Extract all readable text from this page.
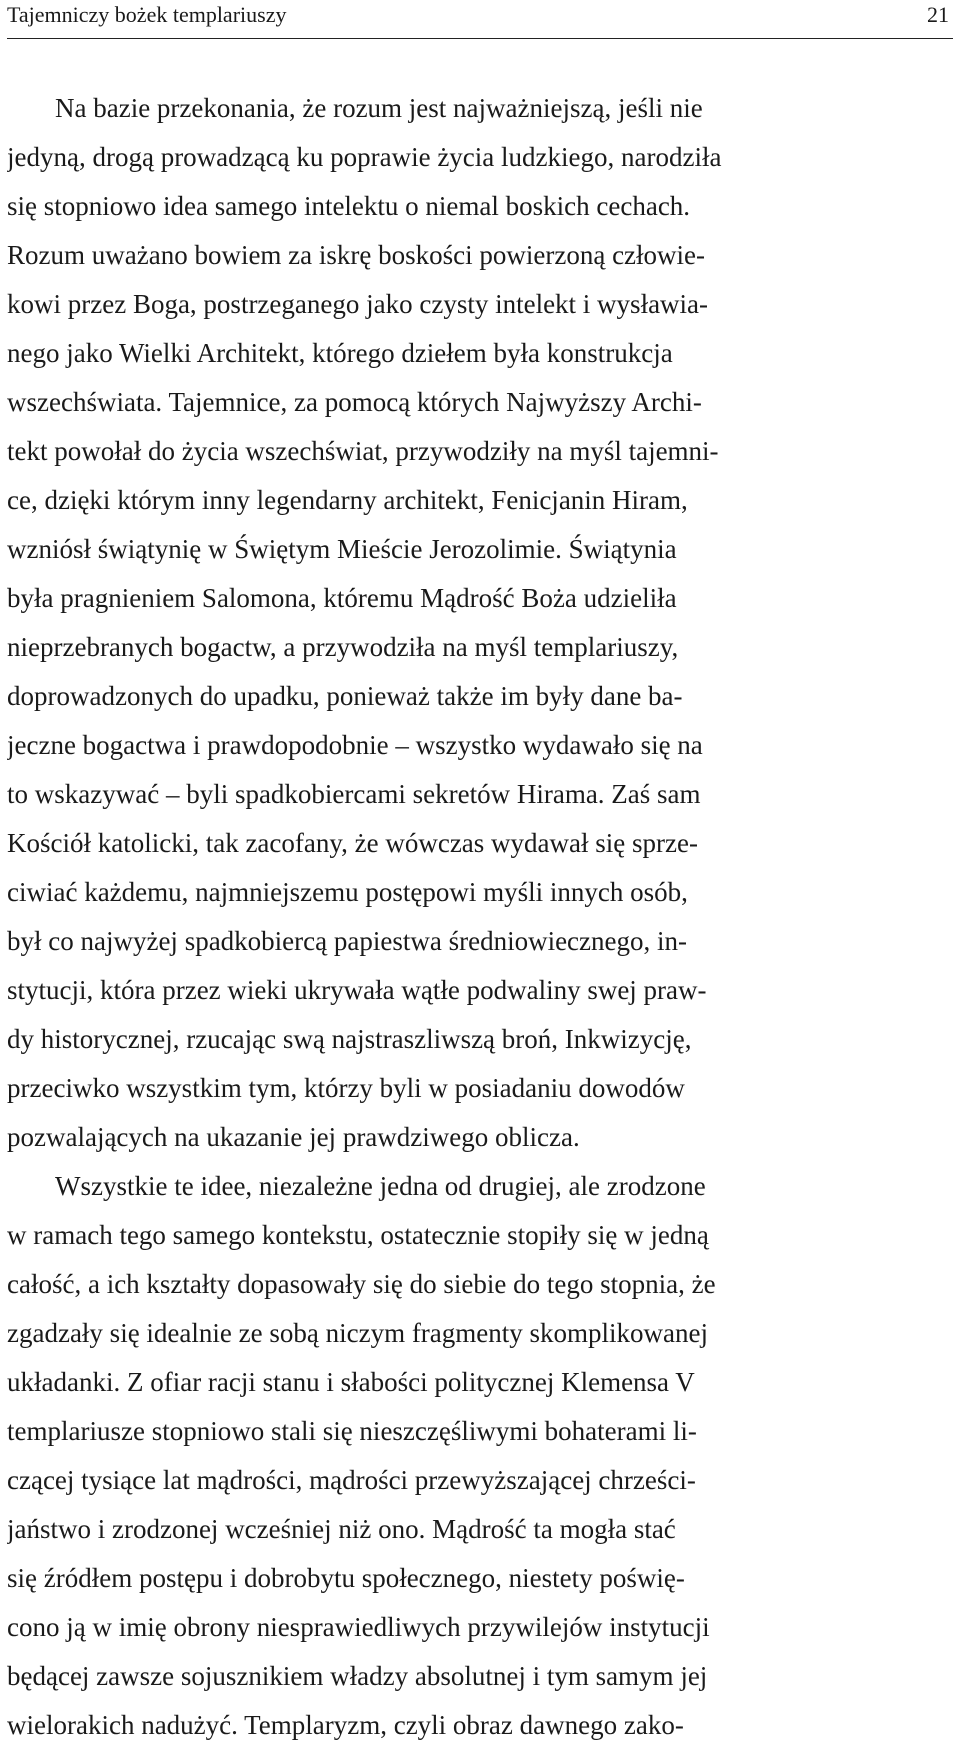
Tajemniczy bożek templariuszy	21
Na bazie przekonania, że rozum jest najważniejszą, jeśli nie
jedyną, drogą prowadzącą ku poprawie życia ludzkiego, narodziła
się stopniowo idea samego intelektu o niemal boskich cechach.
Rozum uważano bowiem za iskrę boskości powierzoną człowie-
kowi przez Boga, postrzeganego jako czysty intelekt i wysławia-
nego jako Wielki Architekt, którego dziełem była konstrukcja
wszechświata. Tajemnice, za pomocą których Najwyższy Archi-
tekt powołał do życia wszechświat, przywodziły na myśl tajemni-
ce, dzięki którym inny legendarny architekt, Fenicjanin Hiram,
wzniósł świątynię w Świętym Mieście Jerozolimie. Świątynia
była pragnieniem Salomona, któremu Mądrość Boża udzieliła
nieprzebranych bogactw, a przywodziła na myśl templariuszy,
doprowadzonych do upadku, ponieważ także im były dane ba-
jeczne bogactwa i prawdopodobnie – wszystko wydawało się na
to wskazywać – byli spadkobiercami sekretów Hirama. Zaś sam
Kościół katolicki, tak zacofany, że wówczas wydawał się sprze-
ciwiać każdemu, najmniejszemu postępowi myśli innych osób,
był co najwyżej spadkobiercą papiestwa średniowiecznego, in-
stytucji, która przez wieki ukrywała wątłe podwaliny swej praw-
dy historycznej, rzucając swą najstraszliwszą broń, Inkwizycję,
przeciwko wszystkim tym, którzy byli w posiadaniu dowodów
pozwalających na ukazanie jej prawdziwego oblicza.
Wszystkie te idee, niezależne jedna od drugiej, ale zrodzone
w ramach tego samego kontekstu, ostatecznie stopiły się w jedną
całość, a ich kształty dopasowały się do siebie do tego stopnia, że
zgadzały się idealnie ze sobą niczym fragmenty skomplikowanej
układanki. Z ofiar racji stanu i słabości politycznej Klemensa V
templariusze stopniowo stali się nieszczęśliwymi bohaterami li-
czącej tysiące lat mądrości, mądrości przewyższającej chrześci-
jaństwo i zrodzonej wcześniej niż ono. Mądrość ta mogła stać
się źródłem postępu i dobrobytu społecznego, niestety poświę-
cono ją w imię obrony niesprawiedliwych przywilejów instytucji
będącej zawsze sojusznikiem władzy absolutnej i tym samym jej
wielorakich nadużyć. Templaryzm, czyli obraz dawnego zako-
